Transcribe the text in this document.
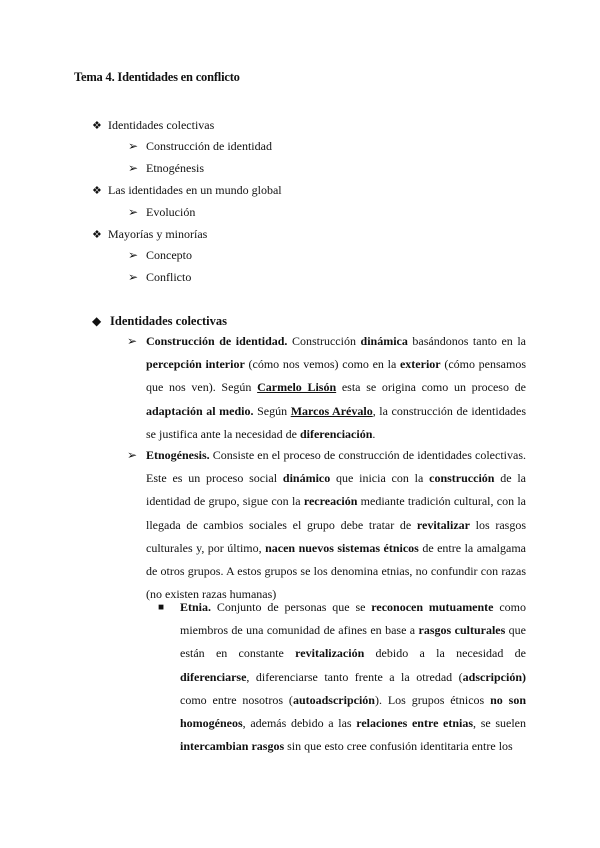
Tema 4. Identidades en conflicto
❖ Identidades colectivas
➢ Construcción de identidad
➢ Etnogénesis
❖ Las identidades en un mundo global
➢ Evolución
❖ Mayorías y minorías
➢ Concepto
➢ Conflicto
◆ Identidades colectivas
➢ Construcción de identidad. Construcción dinámica basándonos tanto en la percepción interior (cómo nos vemos) como en la exterior (cómo pensamos que nos ven). Según Carmelo Lisón esta se origina como un proceso de adaptación al medio. Según Marcos Arévalo, la construcción de identidades se justifica ante la necesidad de diferenciación.
➢ Etnogénesis. Consiste en el proceso de construcción de identidades colectivas. Este es un proceso social dinámico que inicia con la construcción de la identidad de grupo, sigue con la recreación mediante tradición cultural, con la llegada de cambios sociales el grupo debe tratar de revitalizar los rasgos culturales y, por último, nacen nuevos sistemas étnicos de entre la amalgama de otros grupos. A estos grupos se los denomina etnias, no confundir con razas (no existen razas humanas)
■ Etnia. Conjunto de personas que se reconocen mutuamente como miembros de una comunidad de afines en base a rasgos culturales que están en constante revitalización debido a la necesidad de diferenciarse, diferenciarse tanto frente a la otredad (adscripción) como entre nosotros (autoadscripción). Los grupos étnicos no son homogéneos, además debido a las relaciones entre etnias, se suelen intercambian rasgos sin que esto cree confusión identitaria entre los
